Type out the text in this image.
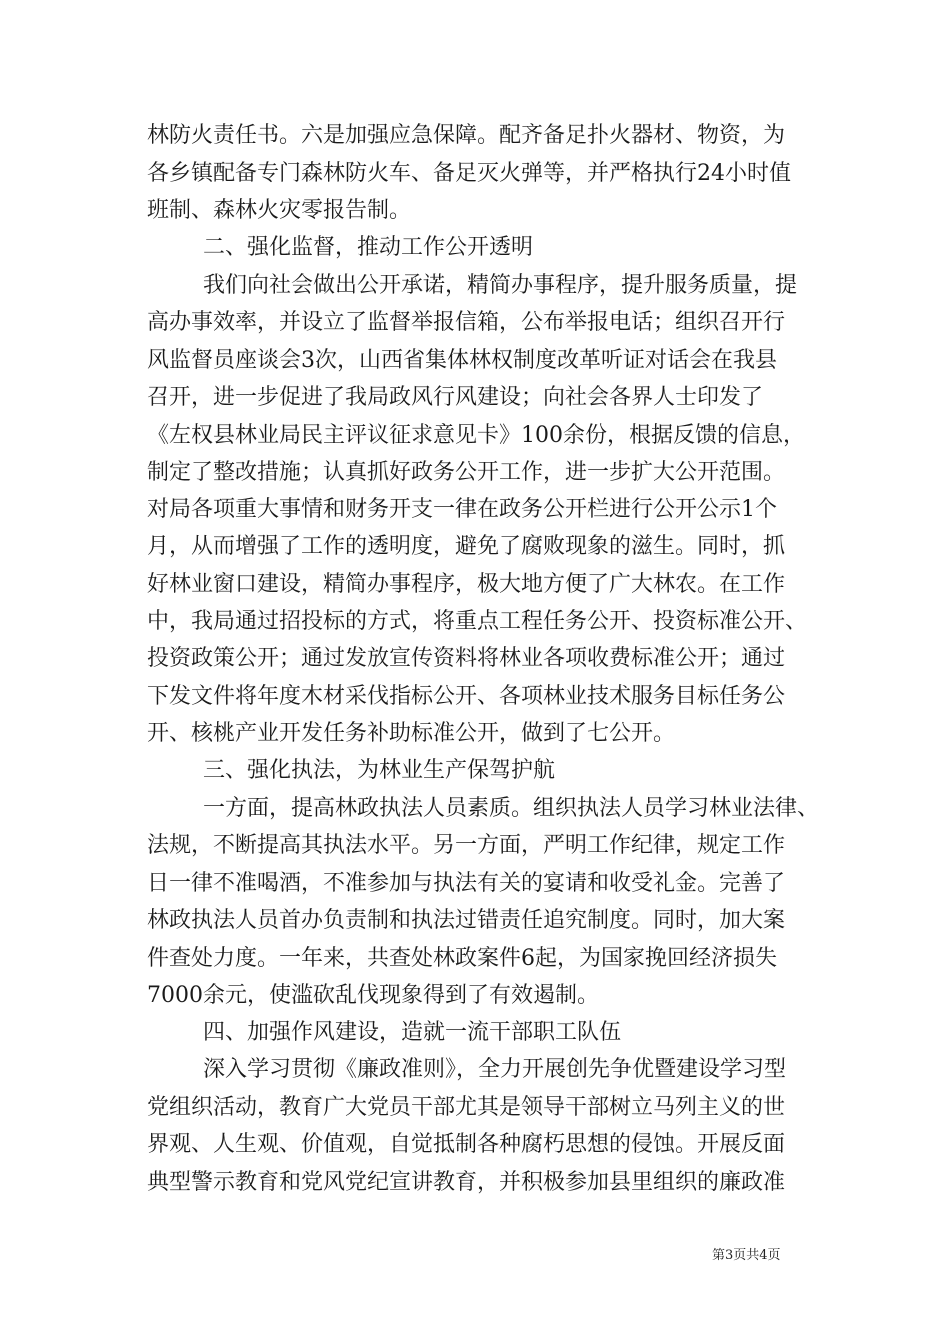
林防火责任书。六是加强应急保障。配齐备足扑火器材、物资，为
各乡镇配备专门森林防火车、备足灭火弹等，并严格执行24小时值
班制、森林火灾零报告制。
二、强化监督，推动工作公开透明
我们向社会做出公开承诺，精简办事程序，提升服务质量，提
高办事效率，并设立了监督举报信箱，公布举报电话；组织召开行
风监督员座谈会3次，山西省集体林权制度改革听证对话会在我县
召开，进一步促进了我局政风行风建设；向社会各界人士印发了
《左权县林业局民主评议征求意见卡》100余份，根据反馈的信息，
制定了整改措施；认真抓好政务公开工作，进一步扩大公开范围。
对局各项重大事情和财务开支一律在政务公开栏进行公开公示1个
月，从而增强了工作的透明度，避免了腐败现象的滋生。同时，抓
好林业窗口建设，精简办事程序，极大地方便了广大林农。在工作
中，我局通过招投标的方式，将重点工程任务公开、投资标准公开、
投资政策公开；通过发放宣传资料将林业各项收费标准公开；通过
下发文件将年度木材采伐指标公开、各项林业技术服务目标任务公
开、核桃产业开发任务补助标准公开，做到了七公开。
三、强化执法，为林业生产保驾护航
一方面，提高林政执法人员素质。组织执法人员学习林业法律、
法规，不断提高其执法水平。另一方面，严明工作纪律，规定工作
日一律不准喝酒，不准参加与执法有关的宴请和收受礼金。完善了
林政执法人员首办负责制和执法过错责任追究制度。同时，加大案
件查处力度。一年来，共查处林政案件6起，为国家挽回经济损失
7000余元，使滥砍乱伐现象得到了有效遏制。
四、加强作风建设，造就一流干部职工队伍
深入学习贯彻《廉政准则》，全力开展创先争优暨建设学习型
党组织活动，教育广大党员干部尤其是领导干部树立马列主义的世
界观、人生观、价值观，自觉抵制各种腐朽思想的侵蚀。开展反面
典型警示教育和党风党纪宣讲教育，并积极参加县里组织的廉政准
第3页共4页
